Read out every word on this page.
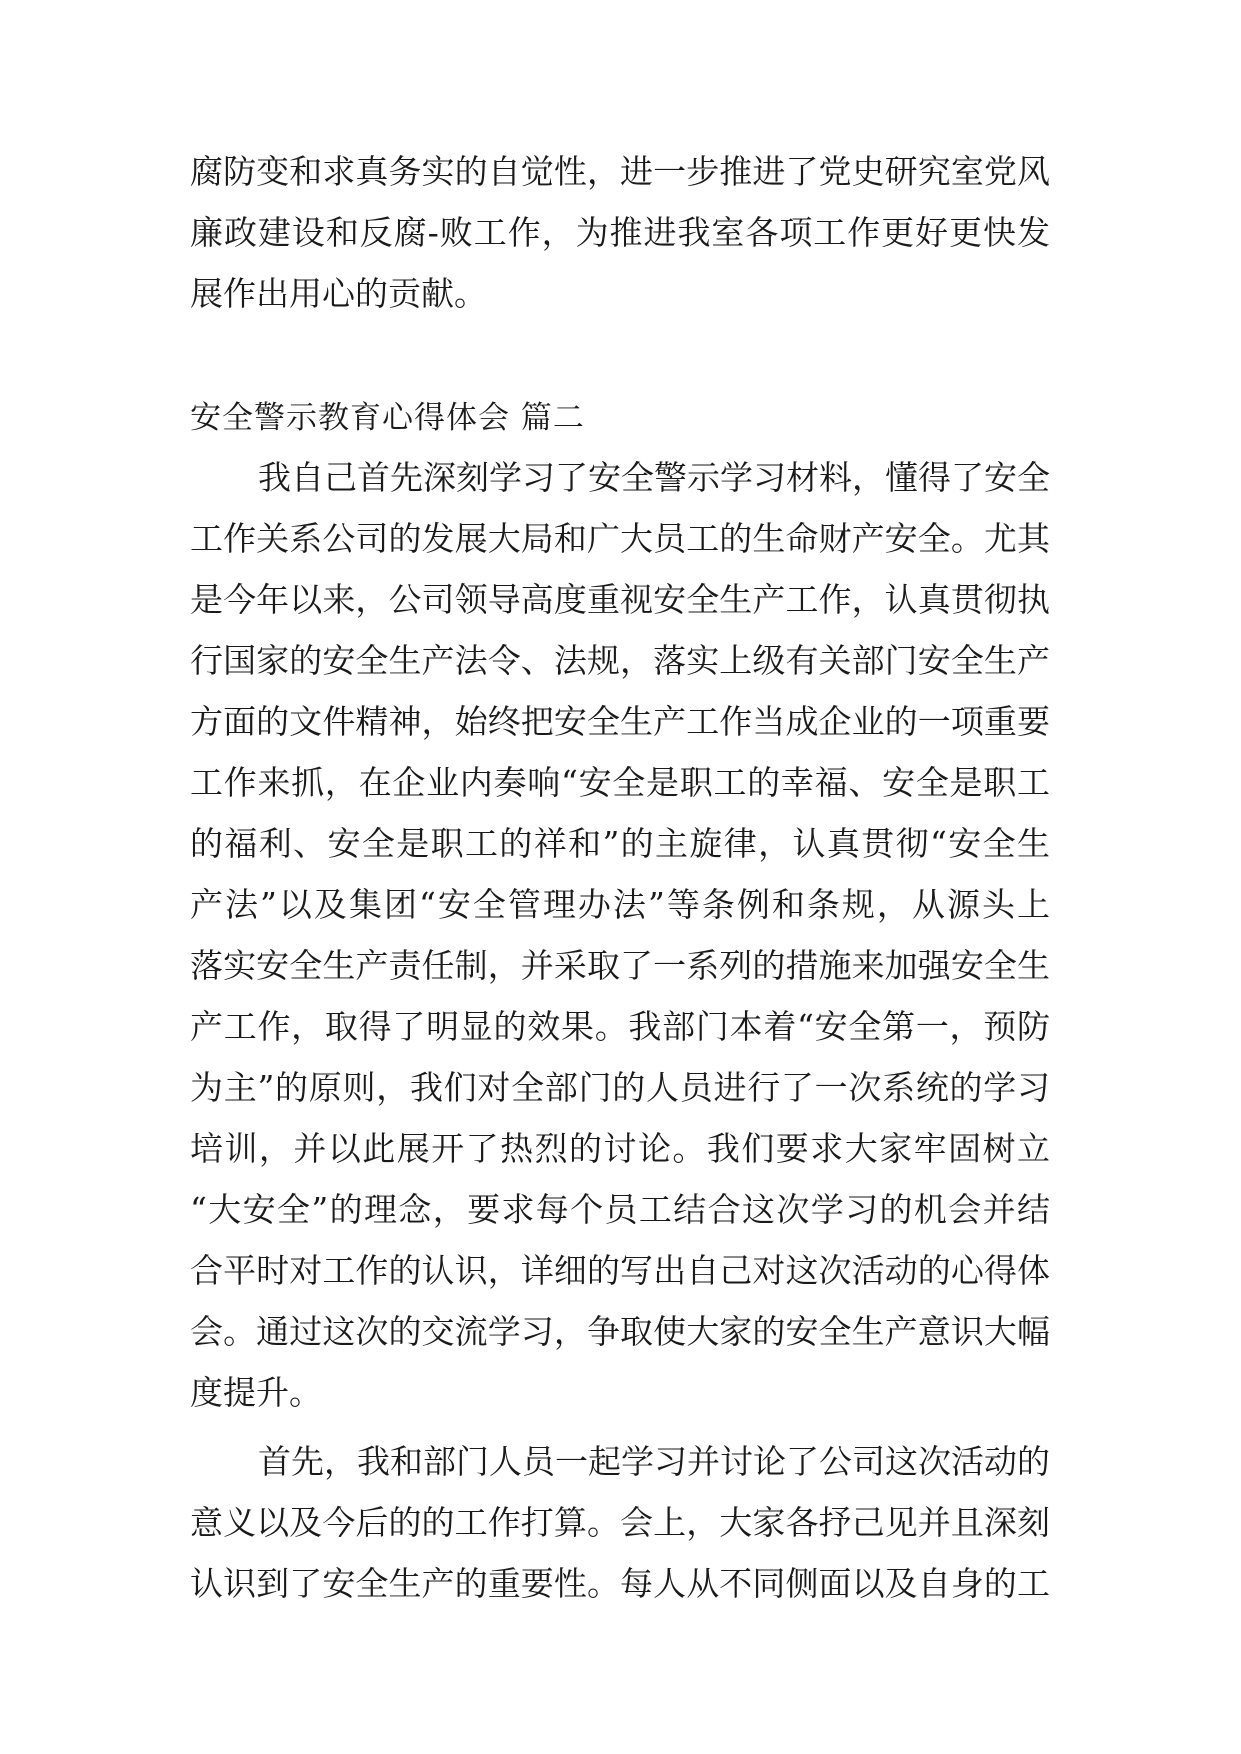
腐防变和求真务实的自觉性，进一步推进了党史研究室党风
廉政建设和反腐-败工作，为推进我室各项工作更好更快发
展作出用心的贡献。
安全警示教育心得体会 篇二
我自己首先深刻学习了安全警示学习材料，懂得了安全
工作关系公司的发展大局和广大员工的生命财产安全。尤其
是今年以来，公司领导高度重视安全生产工作，认真贯彻执
行国家的安全生产法令、法规，落实上级有关部门安全生产
方面的文件精神，始终把安全生产工作当成企业的一项重要
工作来抓，在企业内奏响“安全是职工的幸福、安全是职工
的福利、安全是职工的祥和”的主旋律，认真贯彻“安全生
产法”以及集团“安全管理办法”等条例和条规，从源头上
落实安全生产责任制，并采取了一系列的措施来加强安全生
产工作，取得了明显的效果。我部门本着“安全第一，预防
为主”的原则，我们对全部门的人员进行了一次系统的学习
培训，并以此展开了热烈的讨论。我们要求大家牢固树立
“大安全”的理念，要求每个员工结合这次学习的机会并结
合平时对工作的认识，详细的写出自己对这次活动的心得体
会。通过这次的交流学习，争取使大家的安全生产意识大幅
度提升。
首先，我和部门人员一起学习并讨论了公司这次活动的
意义以及今后的的工作打算。会上，大家各抒己见并且深刻
认识到了安全生产的重要性。每人从不同侧面以及自身的工
